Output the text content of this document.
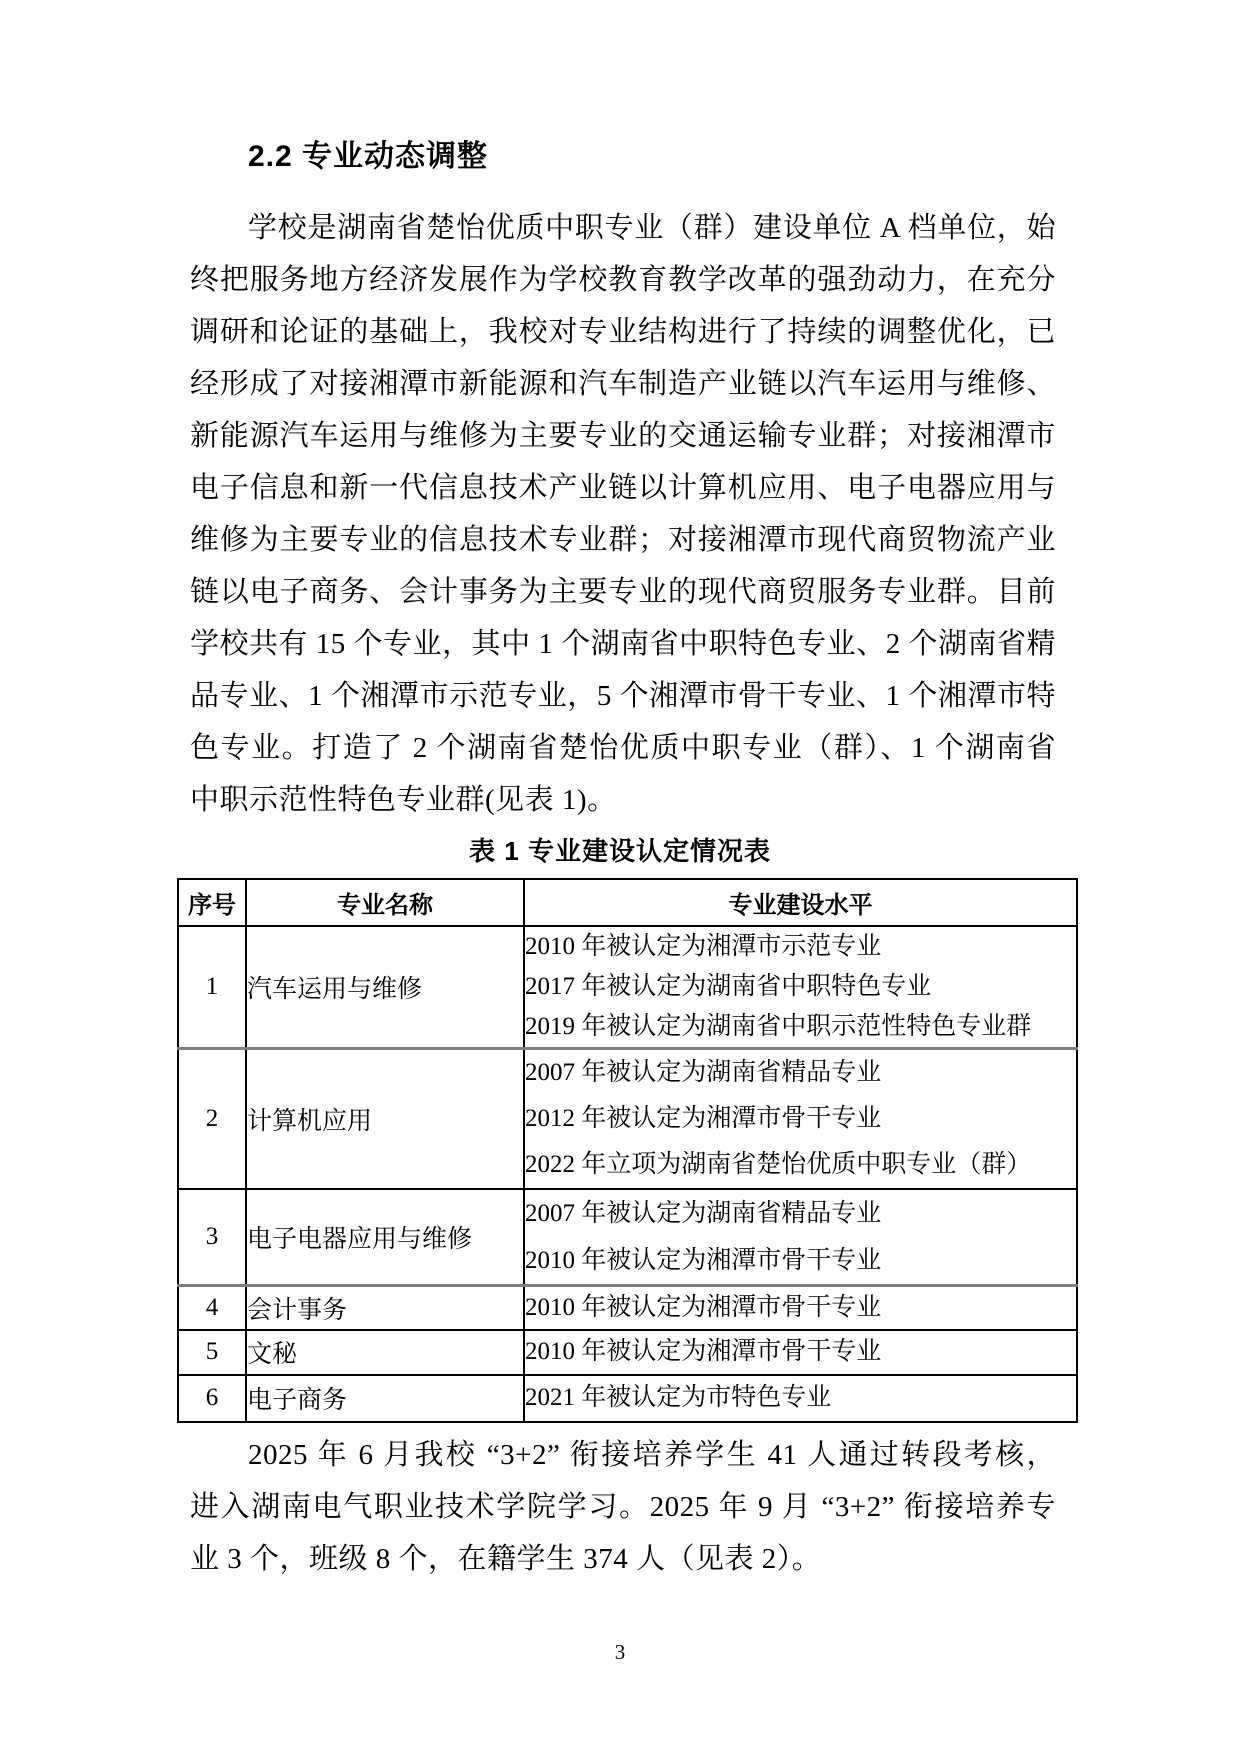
2.2 专业动态调整
学校是湖南省楚怡优质中职专业（群）建设单位 A 档单位，始
终把服务地方经济发展作为学校教育教学改革的强劲动力，在充分
调研和论证的基础上，我校对专业结构进行了持续的调整优化，已
经形成了对接湘潭市新能源和汽车制造产业链以汽车运用与维修、
新能源汽车运用与维修为主要专业的交通运输专业群；对接湘潭市
电子信息和新一代信息技术产业链以计算机应用、电子电器应用与
维修为主要专业的信息技术专业群；对接湘潭市现代商贸物流产业
链以电子商务、会计事务为主要专业的现代商贸服务专业群。目前
学校共有 15 个专业，其中 1 个湖南省中职特色专业、2 个湖南省精
品专业、1 个湘潭市示范专业，5 个湘潭市骨干专业、1 个湘潭市特
色专业。打造了 2 个湖南省楚怡优质中职专业（群）、1 个湖南省
中职示范性特色专业群(见表 1)。
表 1 专业建设认定情况表
序号	专业名称	专业建设水平
1	汽车运用与维修	2010 年被认定为湘潭市示范专业
2017 年被认定为湖南省中职特色专业
2019 年被认定为湖南省中职示范性特色专业群

2	计算机应用	2007 年被认定为湖南省精品专业
2012 年被认定为湘潭市骨干专业
2022 年立项为湖南省楚怡优质中职专业（群）

3	电子电器应用与维修	2007 年被认定为湖南省精品专业
2010 年被认定为湘潭市骨干专业

4	会计事务	2010 年被认定为湘潭市骨干专业

5	文秘	2010 年被认定为湘潭市骨干专业

6	电子商务	2021 年被认定为市特色专业
2025 年 6 月我校 “3+2” 衔接培养学生 41 人通过转段考核，
进入湖南电气职业技术学院学习。2025 年 9 月 “3+2” 衔接培养专
业 3 个，班级 8 个，在籍学生 374 人（见表 2）。
3
